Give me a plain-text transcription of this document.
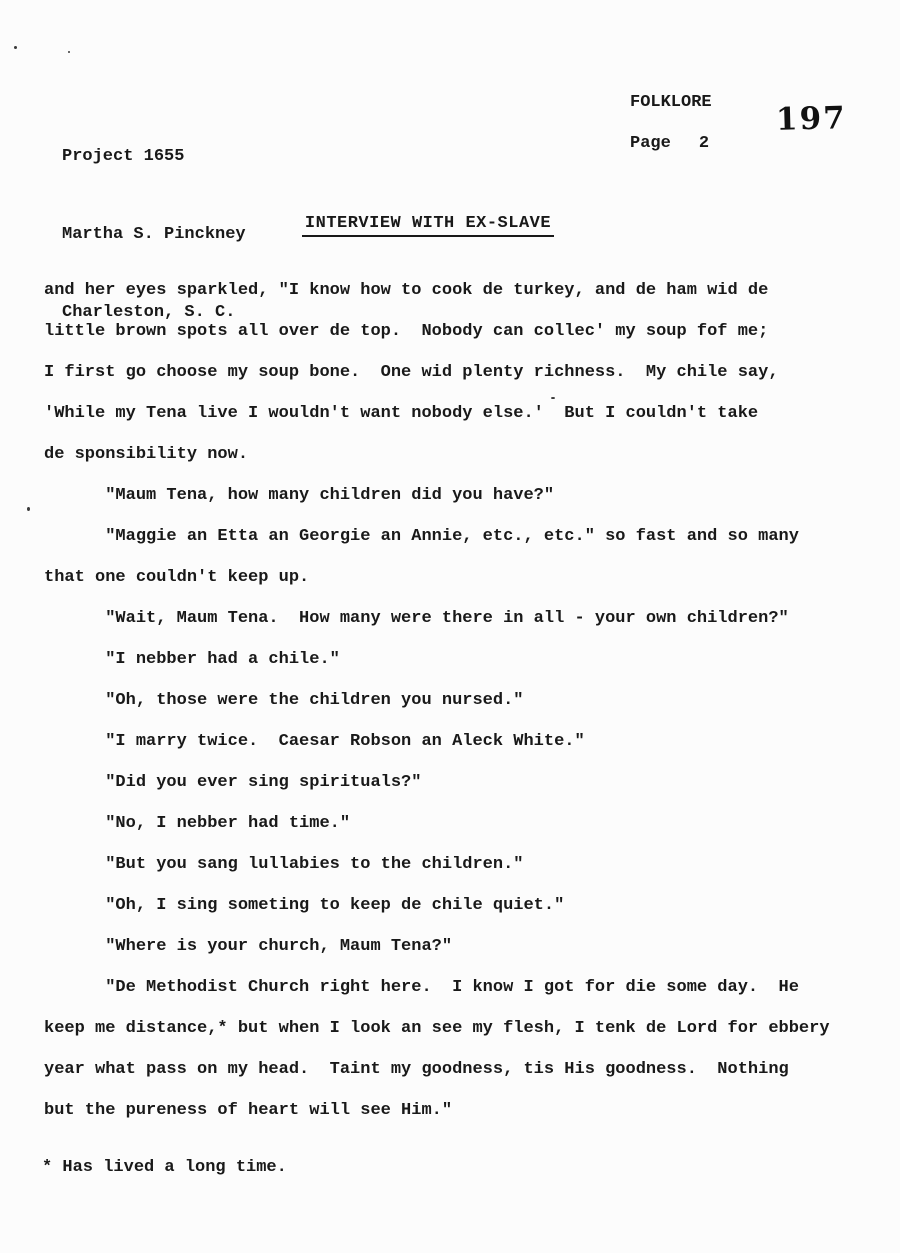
Project 1655

Martha S. Pinckney

Charleston, S. C.

FOLKLORE
Page 2
197
INTERVIEW WITH EX-SLAVE
and her eyes sparkled, "I know how to cook de turkey, and de ham wid de
little brown spots all over de top.  Nobody can collec' my soup fof me;
I first go choose my soup bone.  One wid plenty richness.  My chile say,
'While my Tena live I wouldn't want nobody else.'  But I couldn't take
de sponsibility now.
"Maum Tena, how many children did you have?"
"Maggie an Etta an Georgie an Annie, etc., etc." so fast and so many
that one couldn't keep up.
"Wait, Maum Tena.  How many were there in all - your own children?"
"I nebber had a chile."
"Oh, those were the children you nursed."
"I marry twice.  Caesar Robson an Aleck White."
"Did you ever sing spirituals?"
"No, I nebber had time."
"But you sang lullabies to the children."
"Oh, I sing someting to keep de chile quiet."
"Where is your church, Maum Tena?"
"De Methodist Church right here.  I know I got for die some day.  He
keep me distance,* but when I look an see my flesh, I tenk de Lord for ebbery
year what pass on my head.  Taint my goodness, tis His goodness.  Nothing
but the pureness of heart will see Him."
* Has lived a long time.
